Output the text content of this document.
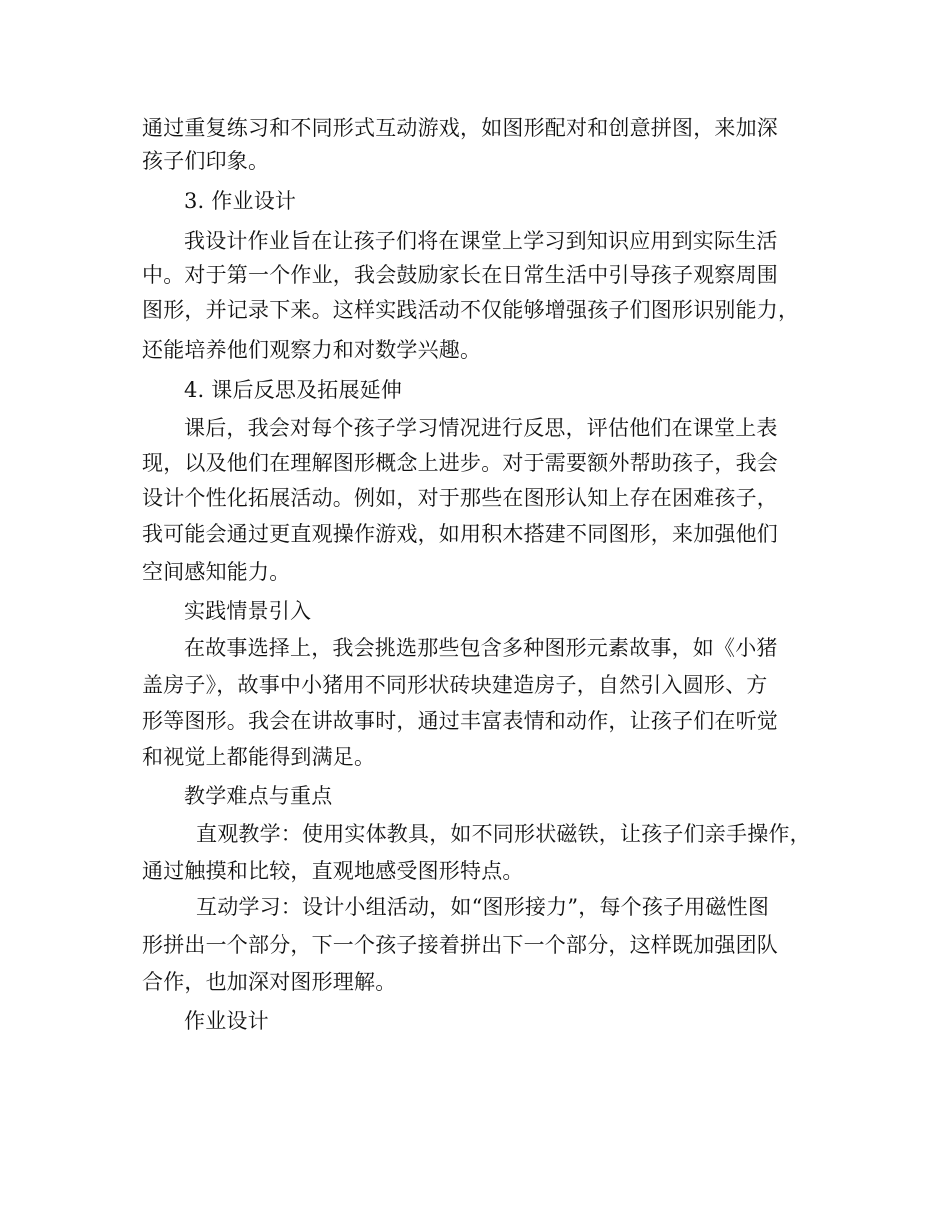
通过重复练习和不同形式互动游戏，如图形配对和创意拼图，来加深
孩子们印象。
3. 作业设计
我设计作业旨在让孩子们将在课堂上学习到知识应用到实际生活
中。对于第一个作业，我会鼓励家长在日常生活中引导孩子观察周围
图形，并记录下来。这样实践活动不仅能够增强孩子们图形识别能力，
还能培养他们观察力和对数学兴趣。
4. 课后反思及拓展延伸
课后，我会对每个孩子学习情况进行反思，评估他们在课堂上表
现，以及他们在理解图形概念上进步。对于需要额外帮助孩子，我会
设计个性化拓展活动。例如，对于那些在图形认知上存在困难孩子，
我可能会通过更直观操作游戏，如用积木搭建不同图形，来加强他们
空间感知能力。
实践情景引入
在故事选择上，我会挑选那些包含多种图形元素故事，如《小猪
盖房子》，故事中小猪用不同形状砖块建造房子，自然引入圆形、方
形等图形。我会在讲故事时，通过丰富表情和动作，让孩子们在听觉
和视觉上都能得到满足。
教学难点与重点
直观教学：使用实体教具，如不同形状磁铁，让孩子们亲手操作，
通过触摸和比较，直观地感受图形特点。
互动学习：设计小组活动，如“图形接力”，每个孩子用磁性图
形拼出一个部分，下一个孩子接着拼出下一个部分，这样既加强团队
合作，也加深对图形理解。
作业设计
